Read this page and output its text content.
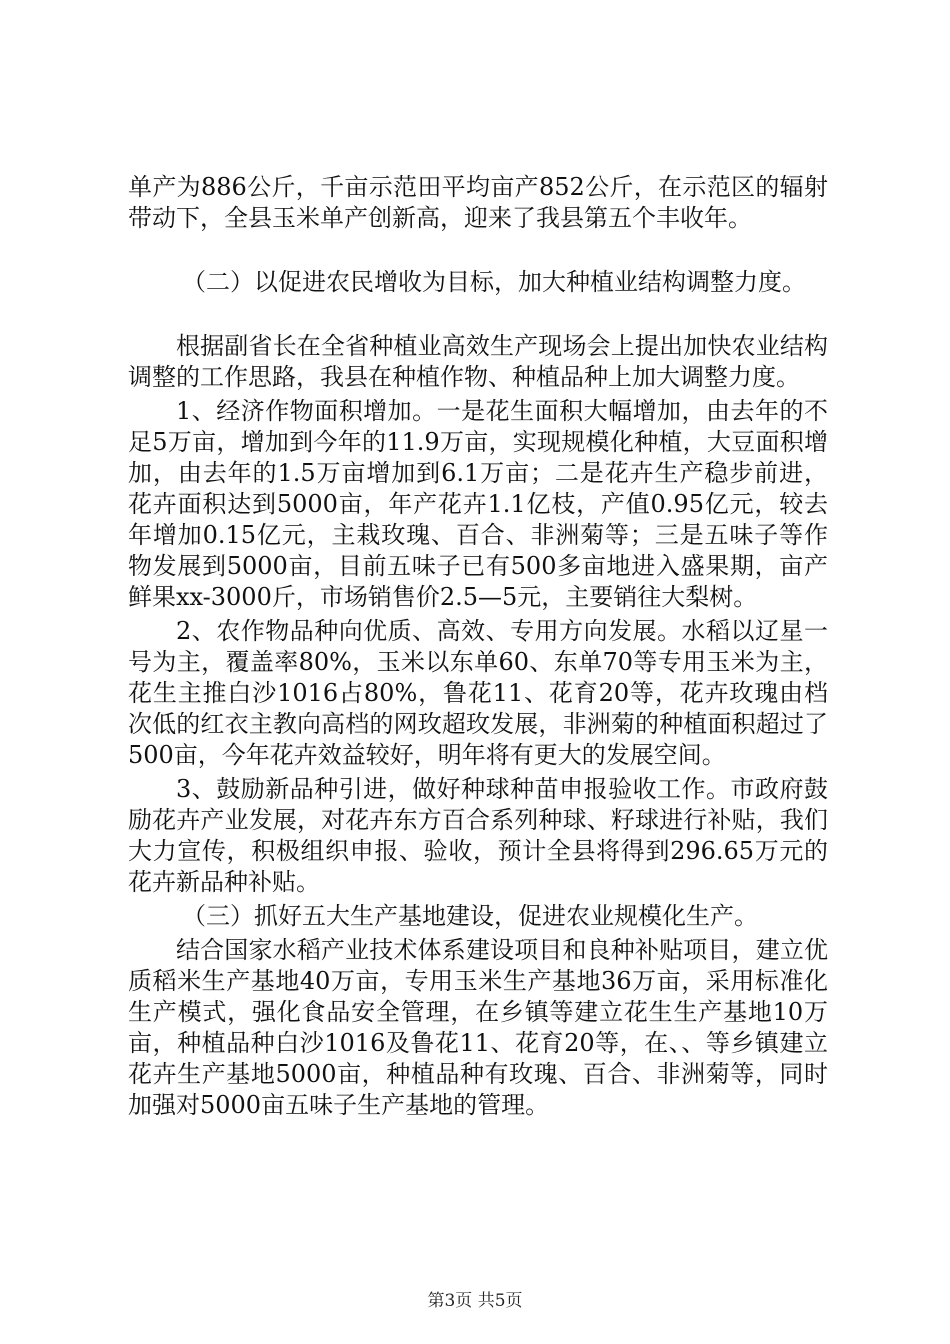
单产为886公斤，千亩示范田平均亩产852公斤，在示范区的辐射带动下，全县玉米单产创新高，迎来了我县第五个丰收年。

（二）以促进农民增收为目标，加大种植业结构调整力度。

根据副省长在全省种植业高效生产现场会上提出加快农业结构调整的工作思路，我县在种植作物、种植品种上加大调整力度。

1、经济作物面积增加。一是花生面积大幅增加，由去年的不足5万亩，增加到今年的11.9万亩，实现规模化种植，大豆面积增加，由去年的1.5万亩增加到6.1万亩；二是花卉生产稳步前进，花卉面积达到5000亩，年产花卉1.1亿枝，产值0.95亿元，较去年增加0.15亿元，主栽玫瑰、百合、非洲菊等；三是五味子等作物发展到5000亩，目前五味子已有500多亩地进入盛果期，亩产鲜果xx-3000斤，市场销售价2.5—5元，主要销往大梨树。

2、农作物品种向优质、高效、专用方向发展。水稻以辽星一号为主，覆盖率80%，玉米以东单60、东单70等专用玉米为主，花生主推白沙1016占80%，鲁花11、花育20等，花卉玫瑰由档次低的红衣主教向高档的网玫超玫发展，非洲菊的种植面积超过了500亩，今年花卉效益较好，明年将有更大的发展空间。

3、鼓励新品种引进，做好种球种苗申报验收工作。市政府鼓励花卉产业发展，对花卉东方百合系列种球、籽球进行补贴，我们大力宣传，积极组织申报、验收，预计全县将得到296.65万元的花卉新品种补贴。

（三）抓好五大生产基地建设，促进农业规模化生产。

结合国家水稻产业技术体系建设项目和良种补贴项目，建立优质稻米生产基地40万亩，专用玉米生产基地36万亩，采用标准化生产模式，强化食品安全管理，在乡镇等建立花生生产基地10万亩，种植品种白沙1016及鲁花11、花育20等，在、、等乡镇建立花卉生产基地5000亩，种植品种有玫瑰、百合、非洲菊等，同时加强对5000亩五味子生产基地的管理。

第3页 共5页
